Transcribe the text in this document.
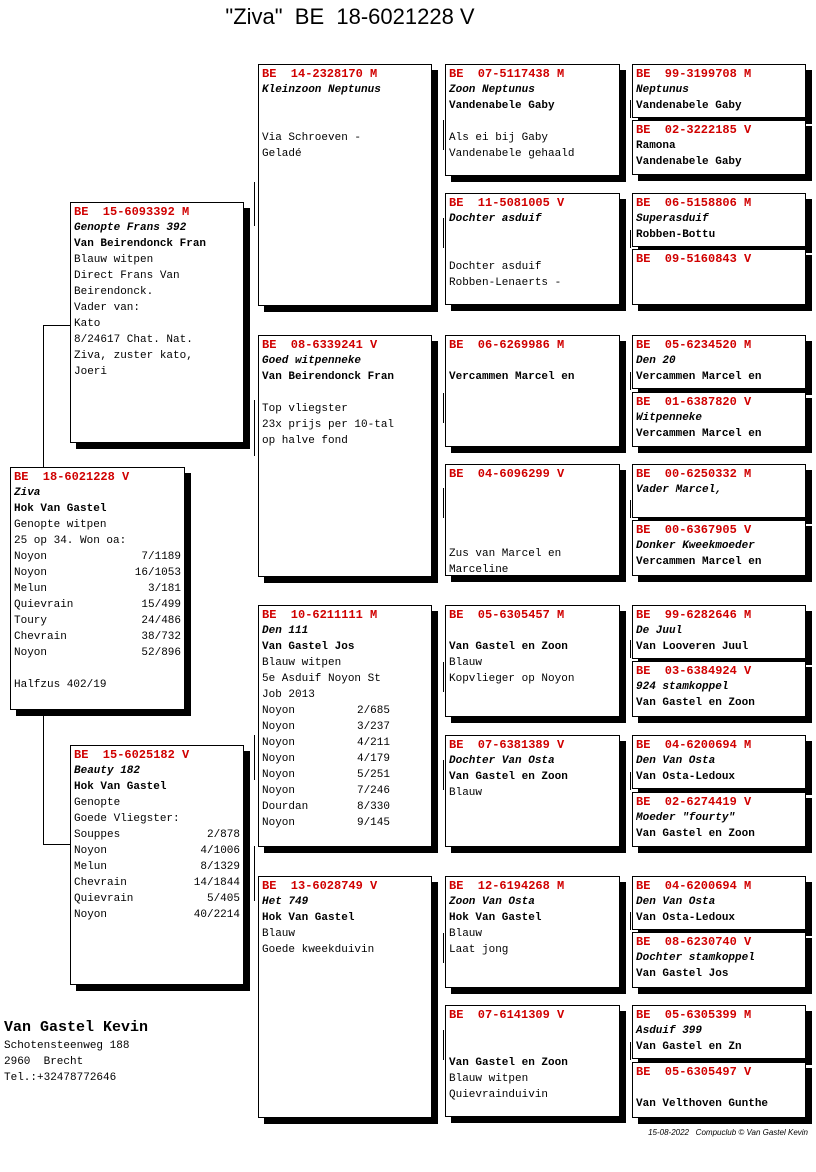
"Ziva"  BE  18-6021228 V
BE  18-6021228 V
Ziva
Hok Van Gastel
Genopte witpen
25 op 34. Won oa:
Noyon	7/1189
Noyon	16/1053
Melun	3/181
Quievrain	15/499
Toury	24/486
Chevrain	38/732
Noyon	52/896
Halfzus 402/19
BE  15-6093392 M
Genopte Frans 392
Van Beirendonck Fran
Blauw witpen
Direct Frans Van
Beirendonck.
Vader van:
Kato
8/24617 Chat. Nat.
Ziva, zuster kato,
Joeri
BE  15-6025182 V
Beauty 182
Hok Van Gastel
Genopte
Goede Vliegster:
Souppes	2/878
Noyon	4/1006
Melun	8/1329
Chevrain	14/1844
Quievrain	5/405
Noyon	40/2214
BE  14-2328170 M
Kleinzoon Neptunus
Via Schroeven -
Geladé
BE  08-6339241 V
Goed witpenneke
Van Beirendonck Fran
Top vliegster
23x prijs per 10-tal
op halve fond
BE  10-6211111 M
Den 111
Van Gastel Jos
Blauw witpen
5e Asduif Noyon St
Job 2013
Noyon	2/685
Noyon	3/237
Noyon	4/211
Noyon	4/179
Noyon	5/251
Noyon	7/246
Dourdan	8/330
Noyon	9/145
BE  13-6028749 V
Het 749
Hok Van Gastel
Blauw
Goede kweekduivin
BE  07-5117438 M
Zoon Neptunus
Vandenabele Gaby
Als ei bij Gaby
Vandenabele gehaald
BE  11-5081005 V
Dochter asduif
Dochter asduif
Robben-Lenaerts -
BE  06-6269986 M
Vercammen Marcel en
BE  04-6096299 V
Zus van Marcel en
Marceline
BE  05-6305457 M
Van Gastel en Zoon
Blauw
Kopvlieger op Noyon
BE  07-6381389 V
Dochter Van Osta
Van Gastel en Zoon
Blauw
BE  12-6194268 M
Zoon Van Osta
Hok Van Gastel
Blauw
Laat jong
BE  07-6141309 V
Van Gastel en Zoon
Blauw witpen
Quievrainduivin
BE  99-3199708 M
Neptunus
Vandenabele Gaby
BE  02-3222185 V
Ramona
Vandenabele Gaby
BE  06-5158806 M
Superasduif
Robben-Bottu
BE  09-5160843 V
BE  05-6234520 M
Den 20
Vercammen Marcel en
BE  01-6387820 V
Witpenneke
Vercammen Marcel en
BE  00-6250332 M
Vader Marcel,
BE  00-6367905 V
Donker Kweekmoeder
Vercammen Marcel en
BE  99-6282646 M
De Juul
Van Looveren Juul
BE  03-6384924 V
924 stamkoppel
Van Gastel en Zoon
BE  04-6200694 M
Den Van Osta
Van Osta-Ledoux
BE  02-6274419 V
Moeder "fourty"
Van Gastel en Zoon
BE  04-6200694 M
Den Van Osta
Van Osta-Ledoux
BE  08-6230740 V
Dochter stamkoppel
Van Gastel Jos
BE  05-6305399 M
Asduif 399
Van Gastel en Zn
BE  05-6305497 V
Van Velthoven Gunthe
Van Gastel Kevin
Schotensteenweg 188
2960  Brecht
Tel.:+32478772646
15-08-2022 Compuclub © Van Gastel Kevin
